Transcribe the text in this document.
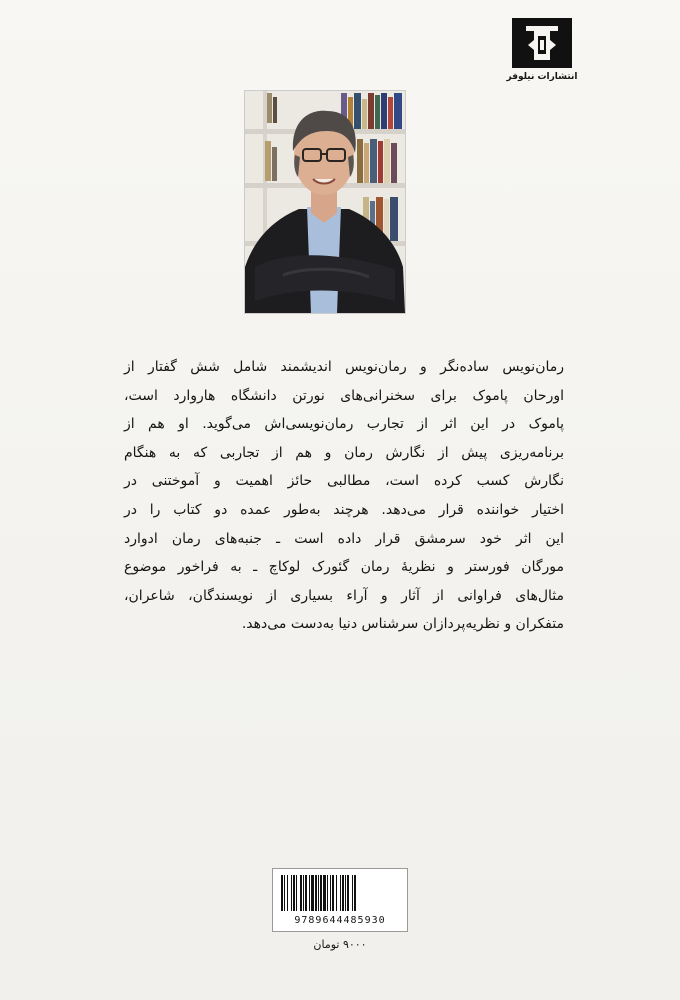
انتشارات نیلوفر
رمان‌نویس ساده‌نگر و رمان‌نویس اندیشمند شامل شش گفتار از
اورحان پاموک برای سخنرانی‌های نورتن دانشگاه هاروارد است،
پاموک در این اثر از تجارب رمان‌نویسی‌اش می‌گوید. او هم از
برنامه‌ریزی پیش از نگارش رمان و هم از تجاربی که به هنگام
نگارش کسب کرده است، مطالبی حائز اهمیت و آموختنی در
اختیار خواننده قرار می‌دهد. هرچند به‌طور عمده دو کتاب را در
این اثر خود سرمشق قرار داده است ـ جنبه‌های رمان ادوارد
مورگان فورستر و نظریهٔ رمان گئورک لوکاچ ـ به فراخور موضوع
مثال‌های فراوانی از آثار و آراء بسیاری از نویسندگان، شاعران،
متفکران و نظریه‌پردازان سرشناس دنیا به‌دست می‌دهد.
9789644485930
۹۰۰۰ تومان
